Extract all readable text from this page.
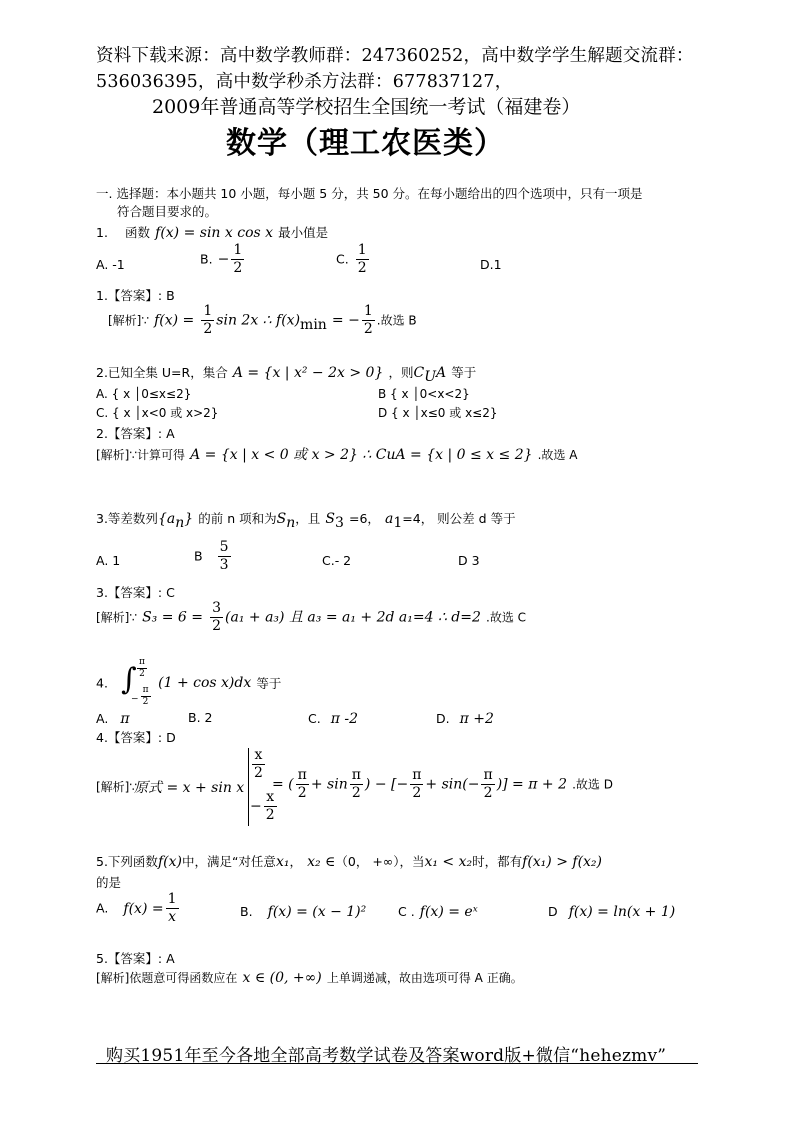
资料下载来源：高中数学教师群：247360252，高中数学学生解题交流群：
536036395，高中数学秒杀方法群：677837127，
2009年普通高等学校招生全国统一考试（福建卷）
数学（理工农医类）
一. 选择题：本小题共 10 小题，每小题 5 分，共 50 分。在每小题给出的四个选项中，只有一项是
符合题目要求的。
1. 函数 f(x) = sin x cos x 最小值是
A. -1	B. − $\frac{1}{2}$	C. $\frac{1}{2}$	D.1
1.【答案】: B
[解析]∵ $f(x) = \frac{1}{2}$ sin 2x ∴ $f(x)_{min}$ = − $\frac{1}{2}$ .故选 B
2.已知全集 U=R，集合 A = {x | x² − 2x > 0} ，则$C_UA$ 等于
A. { x │0≤x≤2}	B { x │0<x<2}
C. { x │x<0 或 x>2}	D { x │x≤0 或 x≤2}
2.【答案】: A
[解析]∵计算可得 A = {x | x < 0 或 x > 2} ∴ CuA = {x | 0 ≤ x ≤ 2} .故选 A
3.等差数列$\{a_n\}$ 的前 n 项和为$S_n$，且 $S_3 =6$， $a_1=4$， 则公差 d 等于
A. 1	B $\frac{5}{3}$	C.- 2	D 3
3.【答案】: C
[解析]∵ $S_3 = 6 = \frac{3}{2} (a_1 + a_3)$ 且 a₃ = a₁ + 2d a₁=4 ∴ d=2 .故选 C
4. ∫ $\frac{\pi}{2}$
− $\frac{\pi}{2}$
(1 + cos x)dx 等于
A. π	B. 2	C. π -2	D. π +2
4.【答案】: D
[解析]∵
原式 = x + sin x
$\frac{x}{2}$
− $\frac{x}{2}$
= ( $\frac{\pi}{2} + \sin \frac{\pi}{2}$ ) − [− $\frac{\pi}{2} + \sin(- \frac{\pi}{2}$ )] = π + 2 .故选 D
5.下列函数f(x)中，满足“对任意x₁， x₂ ∈（0， +∞），当x₁ < x₂时，都有f(x₁) > f(x₂)
的是
A. $f(x) = \frac{1}{x}$	B. f(x) = (x − 1)²	C . f(x) = eˣ	D f(x) = ln(x + 1)
5.【答案】: A
[解析]依题意可得函数应在 x ∈ (0, +∞) 上单调递减，故由选项可得 A 正确。
购买1951年至今各地全部高考数学试卷及答案word版+微信“hehezmv”
